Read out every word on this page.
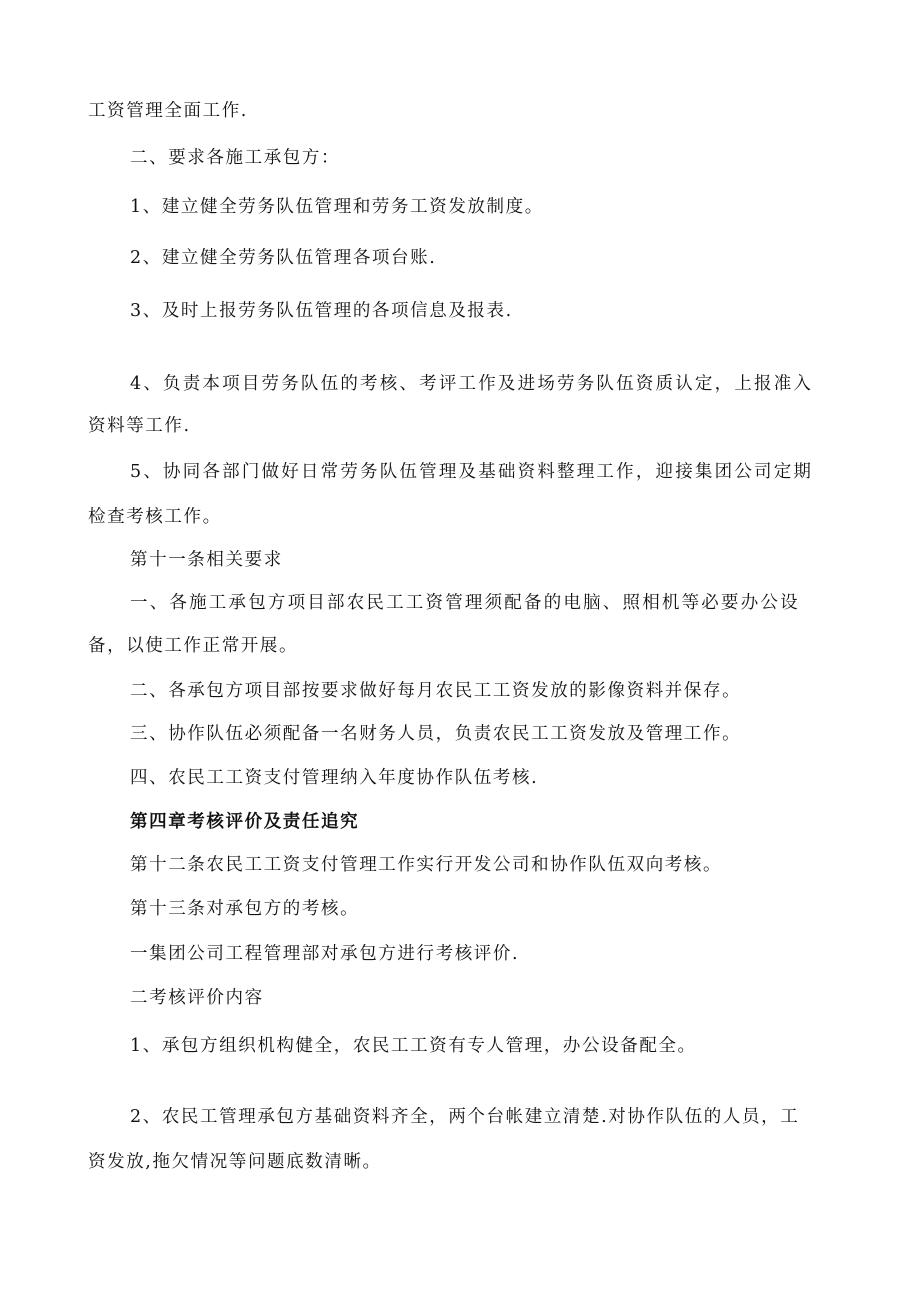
工资管理全面工作.
二、要求各施工承包方：
1、建立健全劳务队伍管理和劳务工资发放制度。
2、建立健全劳务队伍管理各项台账.
3、及时上报劳务队伍管理的各项信息及报表.
4、负责本项目劳务队伍的考核、考评工作及进场劳务队伍资质认定，上报准入
资料等工作.
5、协同各部门做好日常劳务队伍管理及基础资料整理工作，迎接集团公司定期
检查考核工作。
第十一条相关要求
一、各施工承包方项目部农民工工资管理须配备的电脑、照相机等必要办公设
备，以使工作正常开展。
二、各承包方项目部按要求做好每月农民工工资发放的影像资料并保存。
三、协作队伍必须配备一名财务人员，负责农民工工资发放及管理工作。
四、农民工工资支付管理纳入年度协作队伍考核.
第四章考核评价及责任追究
第十二条农民工工资支付管理工作实行开发公司和协作队伍双向考核。
第十三条对承包方的考核。
一集团公司工程管理部对承包方进行考核评价.
二考核评价内容
1、承包方组织机构健全，农民工工资有专人管理，办公设备配全。
2、农民工管理承包方基础资料齐全，两个台帐建立清楚.对协作队伍的人员，工
资发放,拖欠情况等问题底数清晰。
